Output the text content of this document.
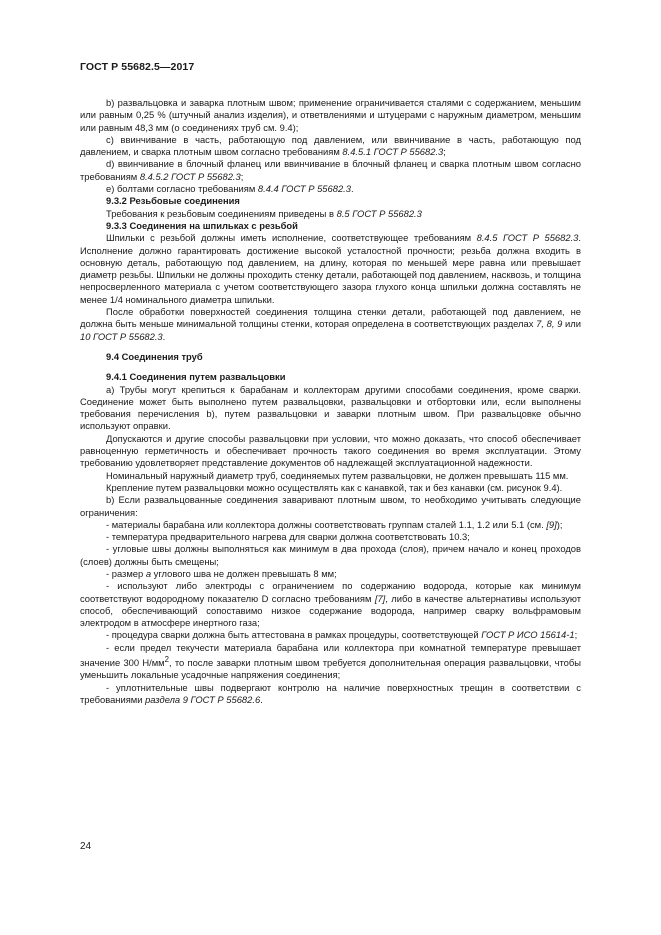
ГОСТ Р 55682.5—2017

b) развальцовка и заварка плотным швом; применение ограничивается сталями с содержанием, меньшим или равным 0,25 % (штучный анализ изделия), и ответвлениями и штуцерами с наружным диаметром, меньшим или равным 48,3 мм (о соединениях труб см. 9.4);

c) ввинчивание в часть, работающую под давлением, или ввинчивание в часть, работающую под давлением, и сварка плотным швом согласно требованиям 8.4.5.1 ГОСТ Р 55682.3;

d) ввинчивание в блочный фланец или ввинчивание в блочный фланец и сварка плотным швом согласно требованиям 8.4.5.2 ГОСТ Р 55682.3;

e) болтами согласно требованиям 8.4.4 ГОСТ Р 55682.3.

9.3.2 Резьбовые соединения

Требования к резьбовым соединениям приведены в 8.5 ГОСТ Р 55682.3

9.3.3 Соединения на шпильках с резьбой

Шпильки с резьбой должны иметь исполнение, соответствующее требованиям 8.4.5 ГОСТ Р 55682.3. Исполнение должно гарантировать достижение высокой усталостной прочности; резьба должна входить в основную деталь, работающую под давлением, на длину, которая по меньшей мере равна или превышает диаметр резьбы. Шпильки не должны проходить стенку детали, работающей под давлением, насквозь, и толщина непросверленного материала с учетом соответствующего зазора глухого конца шпильки должна составлять не менее 1/4 номинального диаметра шпильки.

После обработки поверхностей соединения толщина стенки детали, работающей под давлением, не должна быть меньше минимальной толщины стенки, которая определена в соответствующих разделах 7, 8, 9 или 10 ГОСТ Р 55682.3.

9.4 Соединения труб

9.4.1 Соединения путем развальцовки

а) Трубы могут крепиться к барабанам и коллекторам другими способами соединения, кроме сварки. Соединение может быть выполнено путем развальцовки, развальцовки и отбортовки или, если выполнены требования перечисления b), путем развальцовки и заварки плотным швом. При развальцовке обычно используют оправки.

Допускаются и другие способы развальцовки при условии, что можно доказать, что способ обеспечивает равноценную герметичность и обеспечивает прочность такого соединения во время эксплуатации. Этому требованию удовлетворяет представление документов об надлежащей эксплуатационной надежности.

Номинальный наружный диаметр труб, соединяемых путем развальцовки, не должен превышать 115 мм.

Крепление путем развальцовки можно осуществлять как с канавкой, так и без канавки (см. рисунок 9.4).

b) Если развальцованные соединения заваривают плотным швом, то необходимо учитывать следующие ограничения:

- материалы барабана или коллектора должны соответствовать группам сталей 1.1, 1.2 или 5.1 (см. [9]);

- температура предварительного нагрева для сварки должна соответствовать 10.3;

- угловые швы должны выполняться как минимум в два прохода (слоя), причем начало и конец проходов (слоев) должны быть смещены;

- размер а углового шва не должен превышать 8 мм;

- используют либо электроды с ограничением по содержанию водорода, которые как минимум соответствуют водородному показателю D согласно требованиям [7], либо в качестве альтернативы используют способ, обеспечивающий сопоставимо низкое содержание водорода, например сварку вольфрамовым электродом в атмосфере инертного газа;

- процедура сварки должна быть аттестована в рамках процедуры, соответствующей ГОСТ Р ИСО 15614-1;

- если предел текучести материала барабана или коллектора при комнатной температуре превышает значение 300 $Н/мм^2$, то после заварки плотным швом требуется дополнительная операция развальцовки, чтобы уменьшить локальные усадочные напряжения соединения;

- уплотнительные швы подвергают контролю на наличие поверхностных трещин в соответствии с требованиями раздела 9 ГОСТ Р 55682.6.

24
